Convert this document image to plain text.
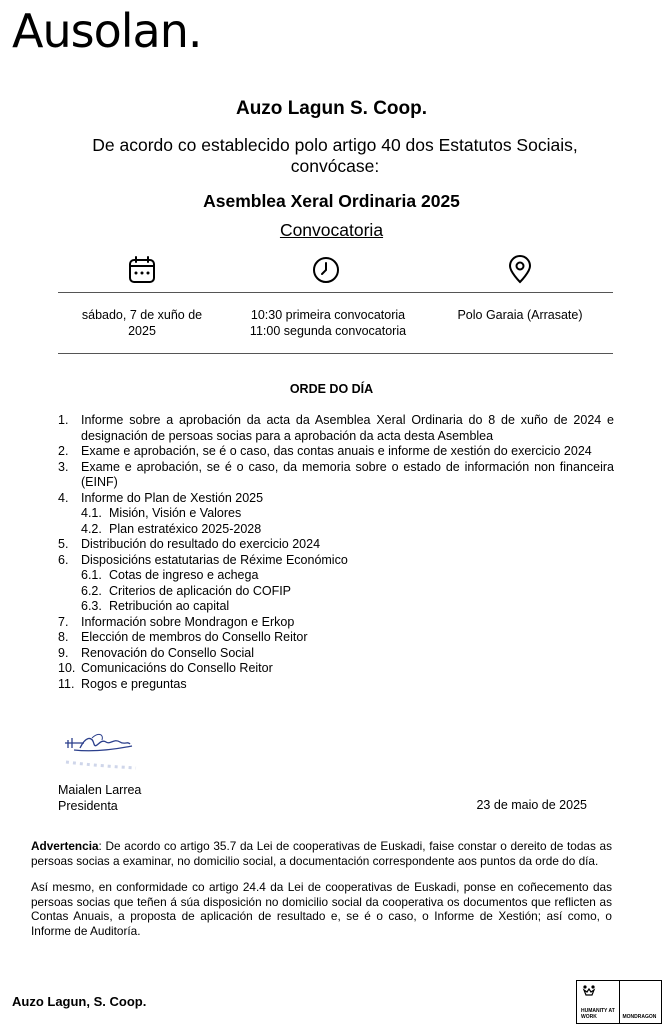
Ausolan.
Auzo Lagun S. Coop.
De acordo co establecido polo artigo 40 dos Estatutos Sociais, convócase:
Asemblea Xeral Ordinaria 2025
Convocatoria
sábado, 7 de xuño de 2025
10:30 primeira convocatoria
11:00 segunda convocatoria
Polo Garaia (Arrasate)
ORDE DO DÍA
1.	Informe sobre a aprobación da acta da Asemblea Xeral Ordinaria do 8 de xuño de 2024 e designación de persoas socias para a aprobación da acta desta Asemblea
2.	Exame e aprobación, se é o caso, das contas anuais e informe de xestión do exercicio 2024
3.	Exame e aprobación, se é o caso, da memoria sobre o estado de información non financeira (EINF)
4.	Informe do Plan de Xestión 2025
4.1. Misión, Visión e Valores
4.2. Plan estratéxico 2025-2028
5.	Distribución do resultado do exercicio 2024
6.	Disposicións estatutarias de Réxime Económico
6.1. Cotas de ingreso e achega
6.2. Criterios de aplicación do COFIP
6.3. Retribución ao capital
7.	Información sobre Mondragon e Erkop
8.	Elección de membros do Consello Reitor
9.	Renovación do Consello Social
10. Comunicacións do Consello Reitor
11. Rogos e preguntas
Maialen Larrea
Presidenta	23 de maio de 2025

Advertencia: De acordo co artigo 35.7 da Lei de cooperativas de Euskadi, faise constar o dereito de todas as persoas socias a examinar, no domicilio social, a documentación correspondente aos puntos da orde do día.

Así mesmo, en conformidade co artigo 24.4 da Lei de cooperativas de Euskadi, ponse en coñecemento das persoas socias que teñen á súa disposición no domicilio social da cooperativa os documentos que reflicten as Contas Anuais, a proposta de aplicación de resultado e, se é o caso, o Informe de Xestión; así como, o Informe de Auditoría.

Auzo Lagun, S. Coop.
HUMANITY AT WORK	MONDRAGON
